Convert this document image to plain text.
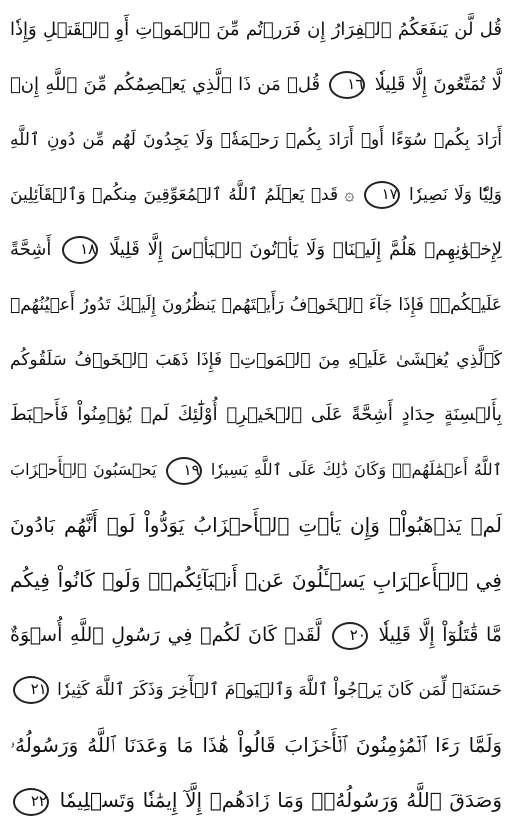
قُل لَّن يَنفَعَكُمُ ٱلۡفِرَارُ إِن فَرَرۡتُم مِّنَ ٱلۡمَوۡتِ أَوِ ٱلۡقَتۡلِ وَإِذٗا
لَّا تُمَتَّعُونَ إِلَّا قَلِيلٗا ١٦ قُلۡ مَن ذَا ٱلَّذِي يَعۡصِمُكُم مِّنَ ٱللَّهِ إِنۡ
أَرَادَ بِكُمۡ سُوٓءًا أَوۡ أَرَادَ بِكُمۡ رَحۡمَةٗۚ وَلَا يَجِدُونَ لَهُم مِّن دُونِ ٱللَّهِ
وَلِيّٗا وَلَا نَصِيرٗا ١٧ ۞ قَدۡ يَعۡلَمُ ٱللَّهُ ٱلۡمُعَوِّقِينَ مِنكُمۡ وَٱلۡقَآئِلِينَ
لِإِخۡوَٰنِهِمۡ هَلُمَّ إِلَيۡنَاۖ وَلَا يَأۡتُونَ ٱلۡبَأۡسَ إِلَّا قَلِيلًا ١٨ أَشِحَّةً
عَلَيۡكُمۡۖ فَإِذَا جَآءَ ٱلۡخَوۡفُ رَأَيۡتَهُمۡ يَنظُرُونَ إِلَيۡكَ تَدُورُ أَعۡيُنُهُمۡ
كَٱلَّذِي يُغۡشَىٰ عَلَيۡهِ مِنَ ٱلۡمَوۡتِۖ فَإِذَا ذَهَبَ ٱلۡخَوۡفُ سَلَقُوكُم
بِأَلۡسِنَةٍ حِدَادٍ أَشِحَّةً عَلَى ٱلۡخَيۡرِۚ أُوْلَٰٓئِكَ لَمۡ يُؤۡمِنُواْ فَأَحۡبَطَ
ٱللَّهُ أَعۡمَٰلَهُمۡۚ وَكَانَ ذَٰلِكَ عَلَى ٱللَّهِ يَسِيرٗا ١٩ يَحۡسَبُونَ ٱلۡأَحۡزَابَ
لَمۡ يَذۡهَبُواْۖ وَإِن يَأۡتِ ٱلۡأَحۡزَابُ يَوَدُّواْ لَوۡ أَنَّهُم بَادُونَ
فِي ٱلۡأَعۡرَابِ يَسۡـَٔلُونَ عَنۡ أَنۢبَآئِكُمۡۖ وَلَوۡ كَانُواْ فِيكُم
مَّا قَٰتَلُوٓاْ إِلَّا قَلِيلٗا ٢٠ لَّقَدۡ كَانَ لَكُمۡ فِي رَسُولِ ٱللَّهِ أُسۡوَةٌ
حَسَنَةٞ لِّمَن كَانَ يَرۡجُواْ ٱللَّهَ وَٱلۡيَوۡمَ ٱلۡأٓخِرَ وَذَكَرَ ٱللَّهَ كَثِيرٗا ٢١
وَلَمَّا رَءَا ٱلۡمُؤۡمِنُونَ ٱلۡأَحۡزَابَ قَالُواْ هَٰذَا مَا وَعَدَنَا ٱللَّهُ وَرَسُولُهُۥ
وَصَدَقَ ٱللَّهُ وَرَسُولُهُۥۚ وَمَا زَادَهُمۡ إِلَّآ إِيمَٰنٗا وَتَسۡلِيمٗا ٢٢
